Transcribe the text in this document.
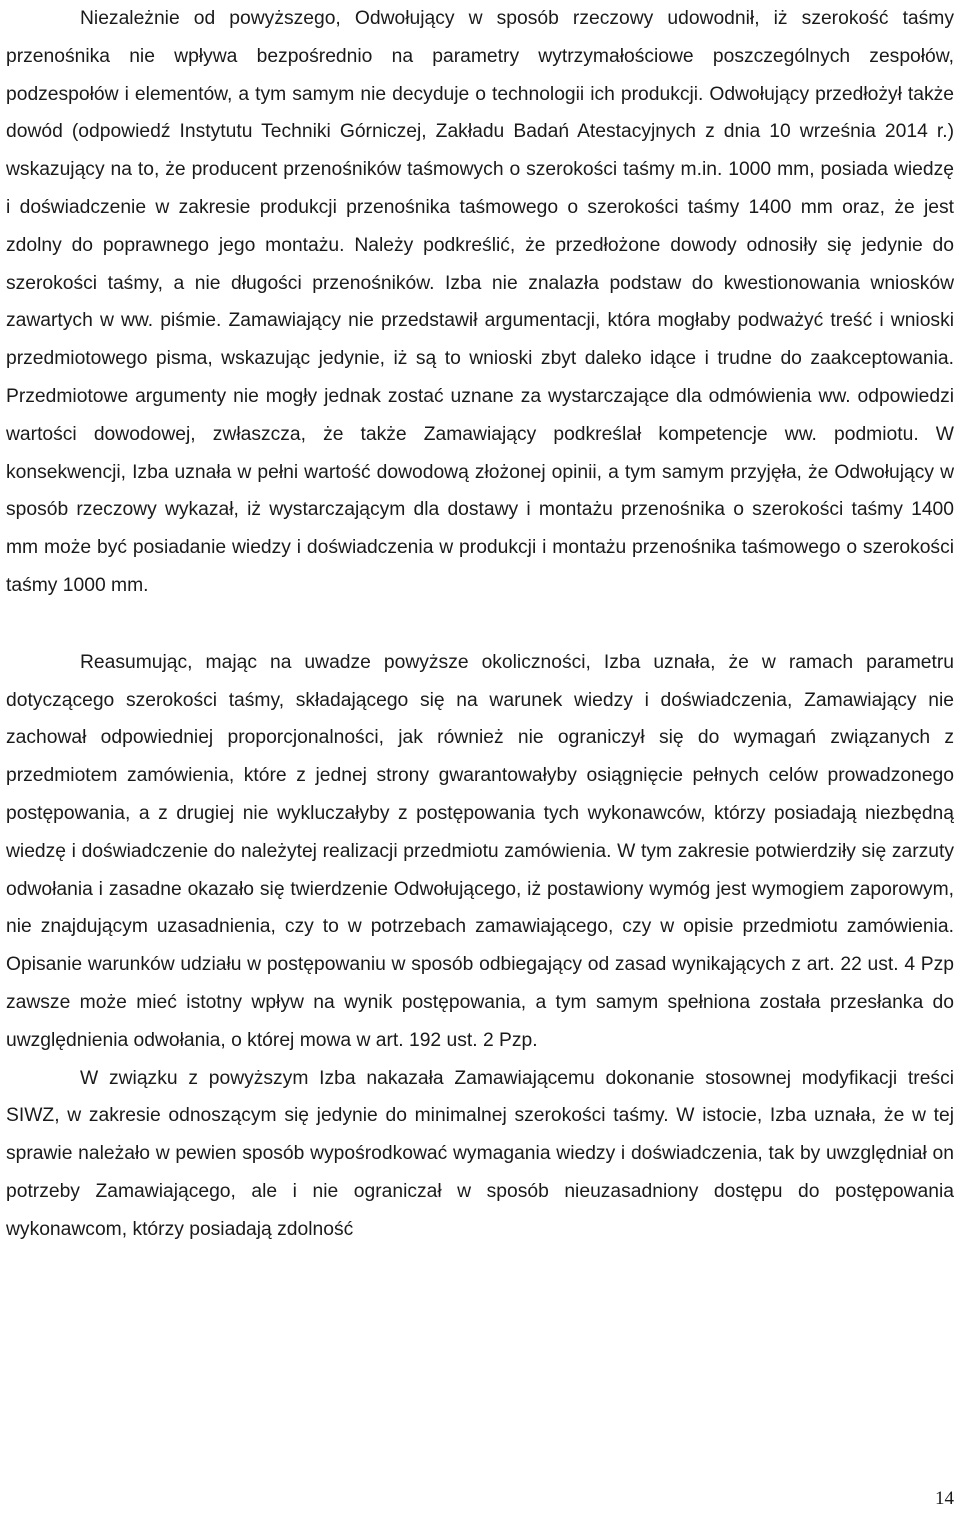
Niezależnie od powyższego, Odwołujący w sposób rzeczowy udowodnił, iż szerokość taśmy przenośnika nie wpływa bezpośrednio na parametry wytrzymałościowe poszczególnych zespołów, podzespołów i elementów, a tym samym nie decyduje o technologii ich produkcji. Odwołujący przedłożył także dowód (odpowiedź Instytutu Techniki Górniczej, Zakładu Badań Atestacyjnych z dnia 10 września 2014 r.) wskazujący na to, że producent przenośników taśmowych o szerokości taśmy m.in. 1000 mm, posiada wiedzę i doświadczenie w zakresie produkcji przenośnika taśmowego o szerokości taśmy 1400 mm oraz, że jest zdolny do poprawnego jego montażu. Należy podkreślić, że przedłożone dowody odnosiły się jedynie do szerokości taśmy, a nie długości przenośników. Izba nie znalazła podstaw do kwestionowania wniosków zawartych w ww. piśmie. Zamawiający nie przedstawił argumentacji, która mogłaby podważyć treść i wnioski przedmiotowego pisma, wskazując jedynie, iż są to wnioski zbyt daleko idące i trudne do zaakceptowania. Przedmiotowe argumenty nie mogły jednak zostać uznane za wystarczające dla odmówienia ww. odpowiedzi wartości dowodowej, zwłaszcza, że także Zamawiający podkreślał kompetencje ww. podmiotu. W konsekwencji, Izba uznała w pełni wartość dowodową złożonej opinii, a tym samym przyjęła, że Odwołujący w sposób rzeczowy wykazał, iż wystarczającym dla dostawy i montażu przenośnika o szerokości taśmy 1400 mm może być posiadanie wiedzy i doświadczenia w produkcji i montażu przenośnika taśmowego o szerokości taśmy 1000 mm.

Reasumując, mając na uwadze powyższe okoliczności, Izba uznała, że w ramach parametru dotyczącego szerokości taśmy, składającego się na warunek wiedzy i doświadczenia, Zamawiający nie zachował odpowiedniej proporcjonalności, jak również nie ograniczył się do wymagań związanych z przedmiotem zamówienia, które z jednej strony gwarantowałyby osiągnięcie pełnych celów prowadzonego postępowania, a z drugiej nie wykluczałyby z postępowania tych wykonawców, którzy posiadają niezbędną wiedzę i doświadczenie do należytej realizacji przedmiotu zamówienia. W tym zakresie potwierdziły się zarzuty odwołania i zasadne okazało się twierdzenie Odwołującego, iż postawiony wymóg jest wymogiem zaporowym, nie znajdującym uzasadnienia, czy to w potrzebach zamawiającego, czy w opisie przedmiotu zamówienia. Opisanie warunków udziału w postępowaniu w sposób odbiegający od zasad wynikających z art. 22 ust. 4 Pzp zawsze może mieć istotny wpływ na wynik postępowania, a tym samym spełniona została przesłanka do uwzględnienia odwołania, o której mowa w art. 192 ust. 2 Pzp.

W związku z powyższym Izba nakazała Zamawiającemu dokonanie stosownej modyfikacji treści SIWZ, w zakresie odnoszącym się jedynie do minimalnej szerokości taśmy. W istocie, Izba uznała, że w tej sprawie należało w pewien sposób wypośrodkować wymagania wiedzy i doświadczenia, tak by uwzględniał on potrzeby Zamawiającego, ale i nie ograniczał w sposób nieuzasadniony dostępu do postępowania wykonawcom, którzy posiadają zdolność

14
